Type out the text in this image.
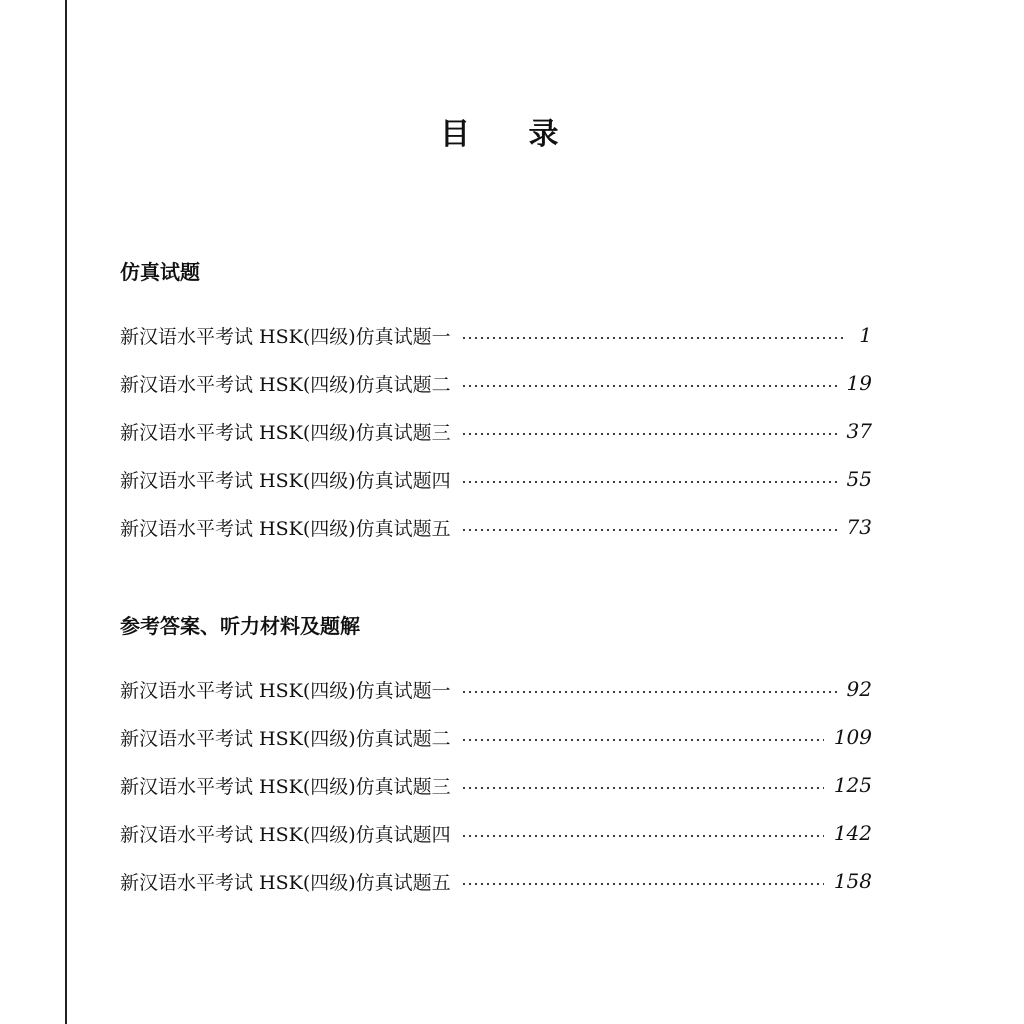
目 录
仿真试题
新汉语水平考试 HSK(四级)仿真试题一	1
新汉语水平考试 HSK(四级)仿真试题二	19
新汉语水平考试 HSK(四级)仿真试题三	37
新汉语水平考试 HSK(四级)仿真试题四	55
新汉语水平考试 HSK(四级)仿真试题五	73
参考答案、听力材料及题解
新汉语水平考试 HSK(四级)仿真试题一	92
新汉语水平考试 HSK(四级)仿真试题二	109
新汉语水平考试 HSK(四级)仿真试题三	125
新汉语水平考试 HSK(四级)仿真试题四	142
新汉语水平考试 HSK(四级)仿真试题五	158
